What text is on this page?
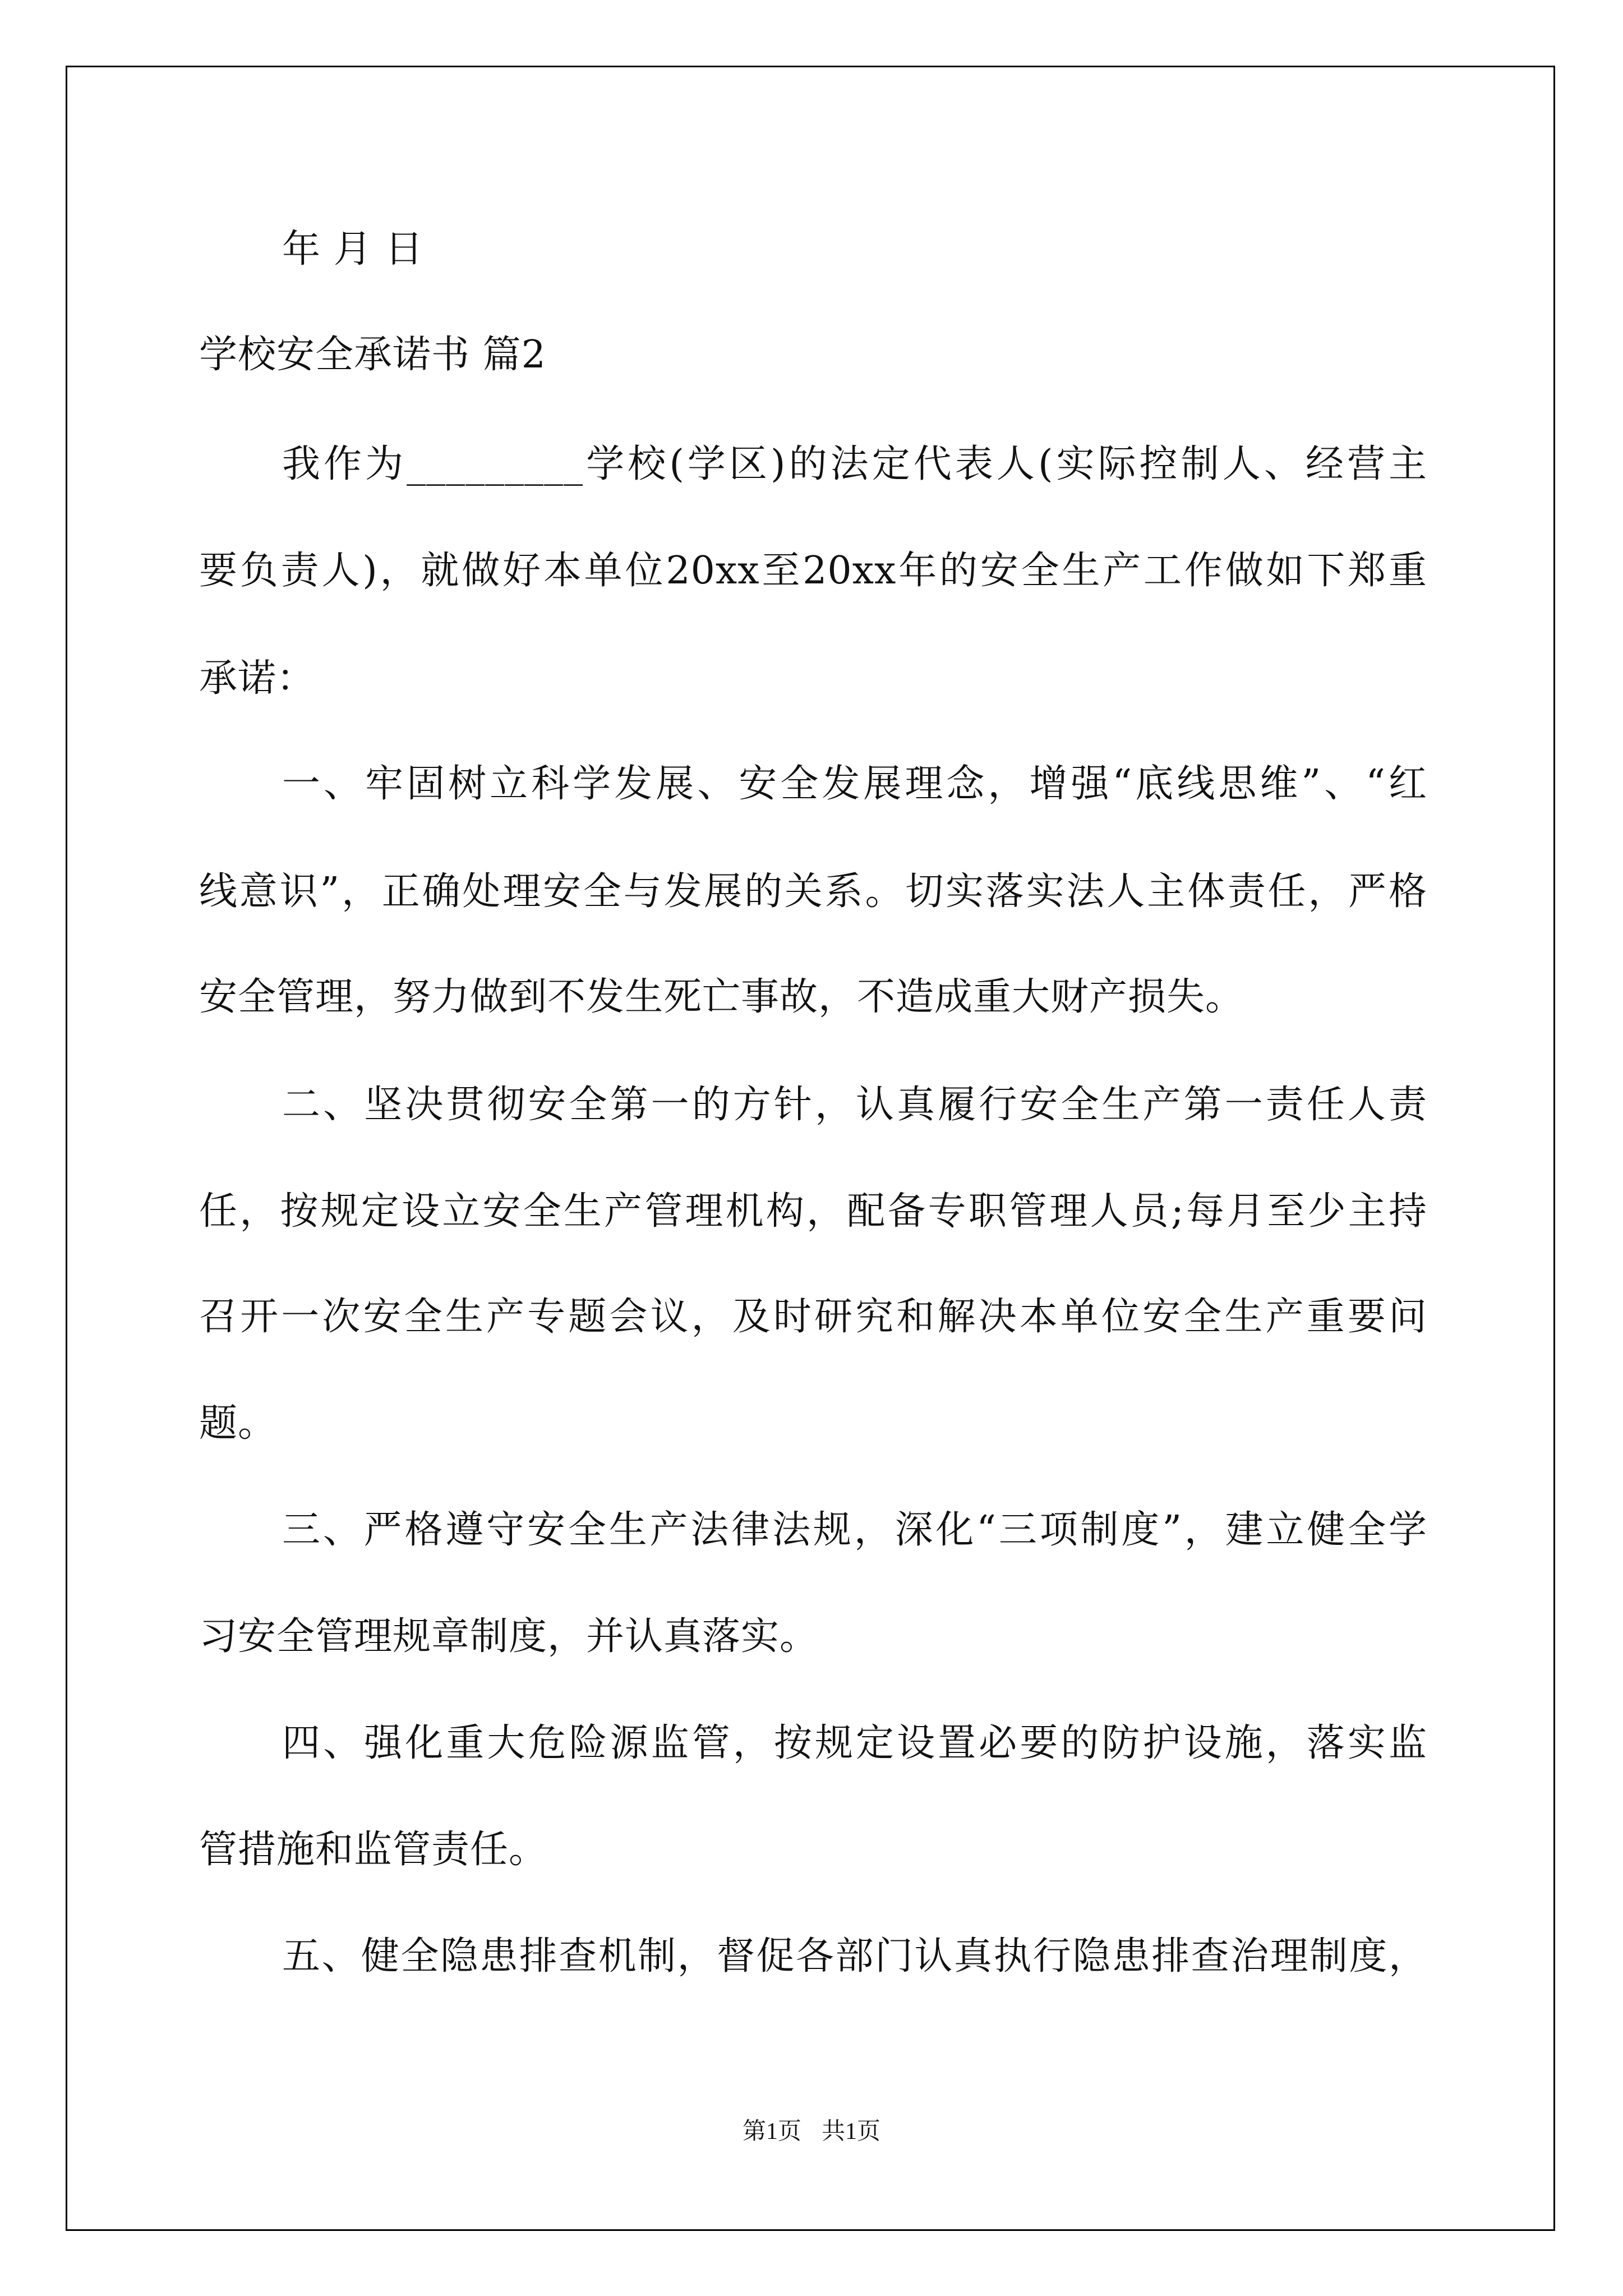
年 月 日

学校安全承诺书 篇2

我作为_________学校(学区)的法定代表人(实际控制人、经营主

要负责人)，就做好本单位20xx至20xx年的安全生产工作做如下郑重

承诺：

一、牢固树立科学发展、安全发展理念，增强“底线思维”、“红

线意识”，正确处理安全与发展的关系。切实落实法人主体责任，严格

安全管理，努力做到不发生死亡事故，不造成重大财产损失。

二、坚决贯彻安全第一的方针，认真履行安全生产第一责任人责

任，按规定设立安全生产管理机构，配备专职管理人员;每月至少主持

召开一次安全生产专题会议，及时研究和解决本单位安全生产重要问

题。

三、严格遵守安全生产法律法规，深化“三项制度”，建立健全学

习安全管理规章制度，并认真落实。

四、强化重大危险源监管，按规定设置必要的防护设施，落实监

管措施和监管责任。

五、健全隐患排查机制，督促各部门认真执行隐患排查治理制度，

第1页 共1页
